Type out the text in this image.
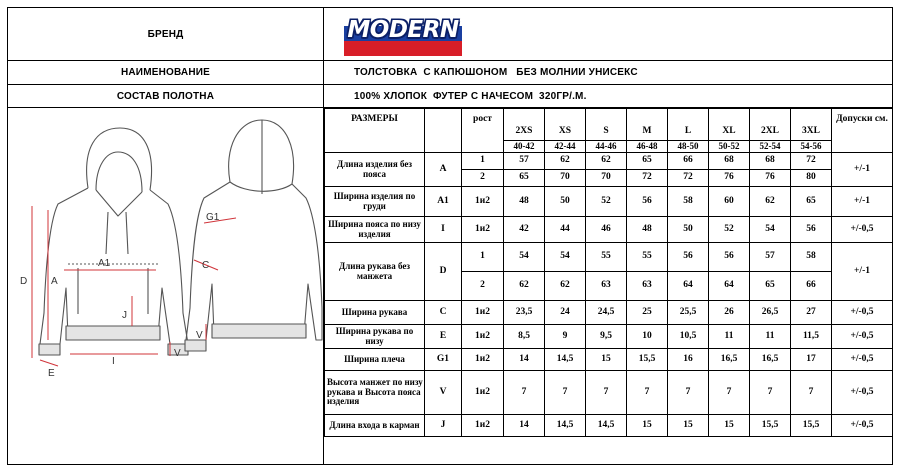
БРЕНД	MODERN
НАИМЕНОВАНИЕ	ТОЛСТОВКА  С КАПЮШОНОМ   БЕЗ МОЛНИИ УНИСЕКС
СОСТАВ ПОЛОТНА	100% ХЛОПОК  ФУТЕР С НАЧЕСОМ  320ГР/.М.
A1
A
D
J
I
E
V
G1
C
V
РАЗМЕРЫ		рост	2XS	XS	S	M	L	XL	2XL	3XL	Допуски см.
			40-42	42-44	44-46	46-48	48-50	50-52	52-54	54-56	
Длина изделия без пояса	A	1	57	62	62	65	66	68	68	72	+/-1
		2	65	70	70	72	72	76	76	80	
Ширина изделия по груди	A1	1и2	48	50	52	56	58	60	62	65	+/-1
Ширина пояса по низу изделия	I	1и2	42	44	46	48	50	52	54	56	+/-0,5
Длина рукава без манжета	D	1	54	54	55	55	56	56	57	58	+/-1
		2	62	62	63	63	64	64	65	66	
Ширина рукава	C	1и2	23,5	24	24,5	25	25,5	26	26,5	27	+/-0,5
Ширина рукава по низу	E	1и2	8,5	9	9,5	10	10,5	11	11	11,5	+/-0,5
Ширина плеча	G1	1и2	14	14,5	15	15,5	16	16,5	16,5	17	+/-0,5
Высота манжет по низу рукава и Высота пояса изделия	V	1и2	7	7	7	7	7	7	7	7	+/-0,5
Длина входа в карман	J	1и2	14	14,5	14,5	15	15	15	15,5	15,5	+/-0,5
